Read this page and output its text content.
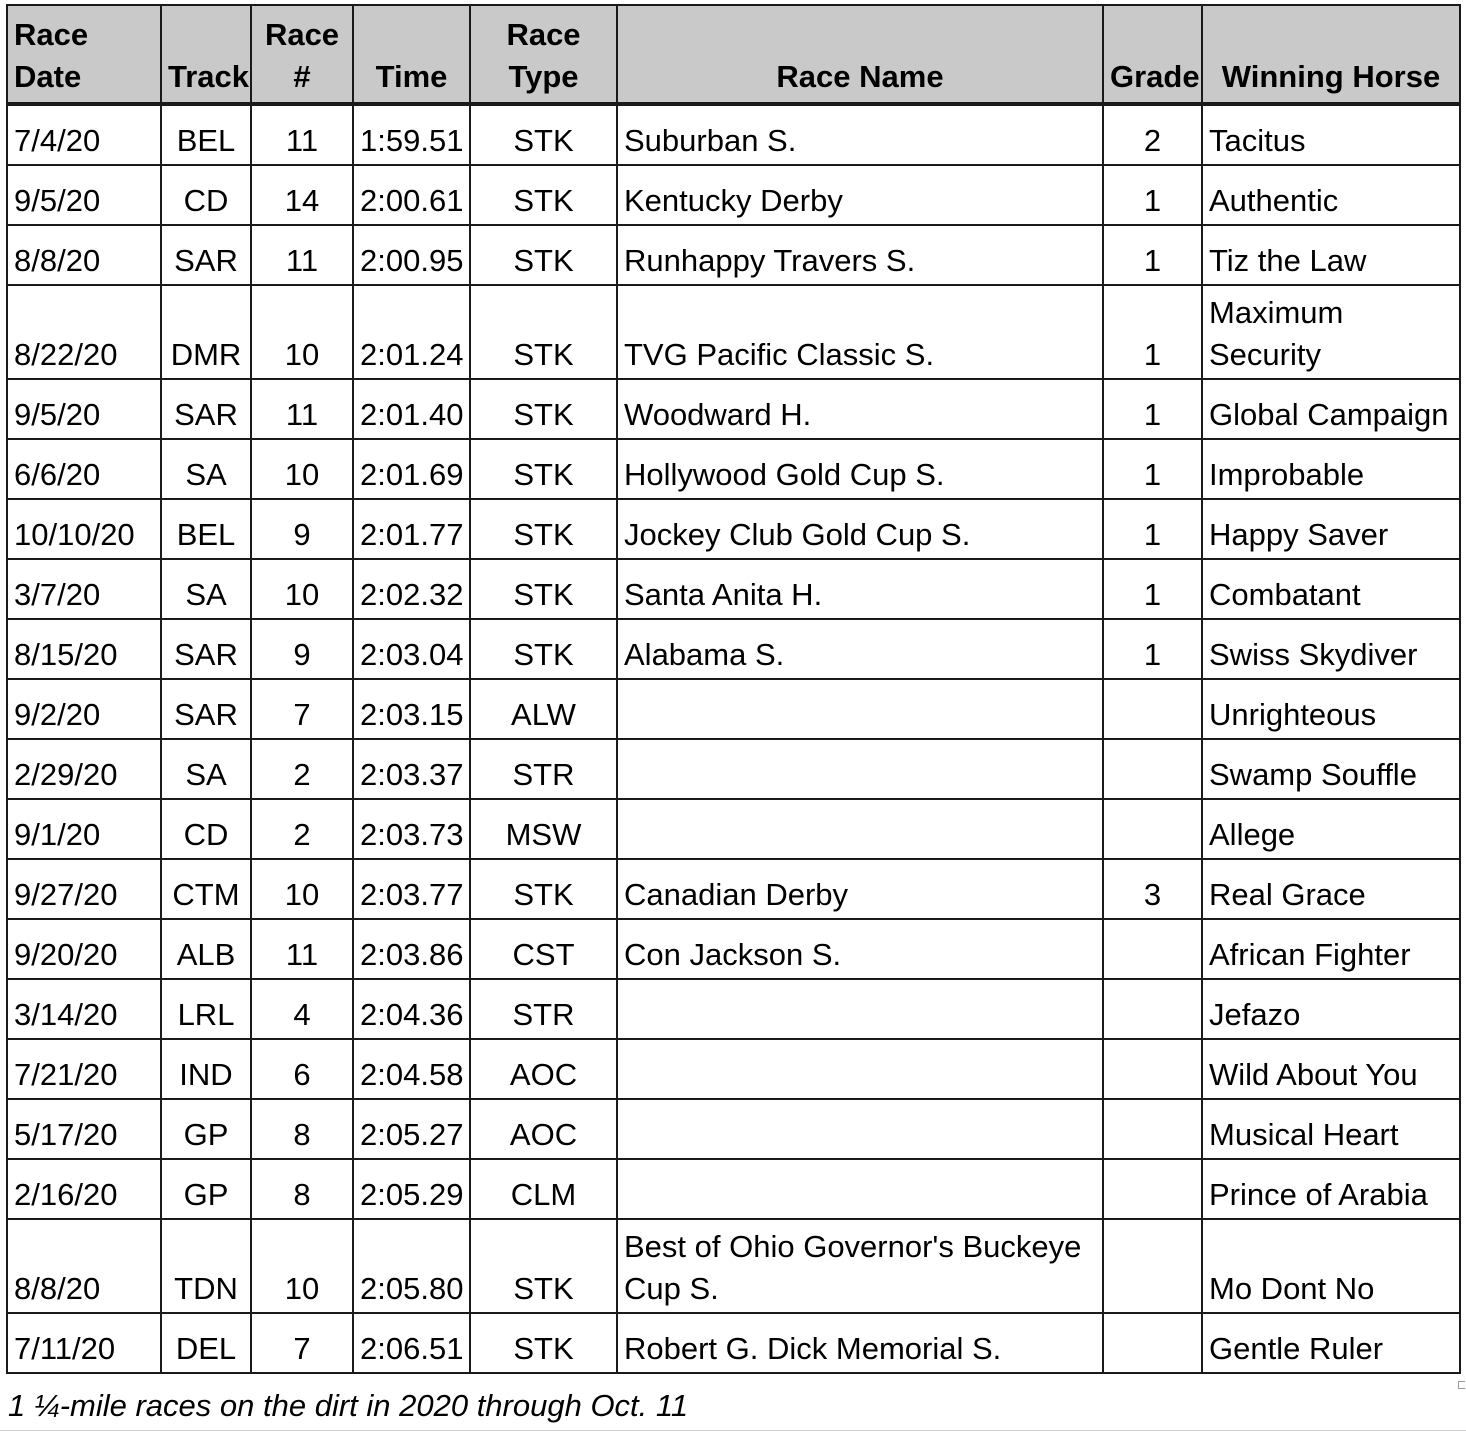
Race Date	Track	Race #	Time	Race Type	Race Name	Grade	Winning Horse
7/4/20	BEL	11	1:59.51	STK	Suburban S.	2	Tacitus
9/5/20	CD	14	2:00.61	STK	Kentucky Derby	1	Authentic
8/8/20	SAR	11	2:00.95	STK	Runhappy Travers S.	1	Tiz the Law
8/22/20	DMR	10	2:01.24	STK	TVG Pacific Classic S.	1	Maximum Security
9/5/20	SAR	11	2:01.40	STK	Woodward H.	1	Global Campaign
6/6/20	SA	10	2:01.69	STK	Hollywood Gold Cup S.	1	Improbable
10/10/20	BEL	9	2:01.77	STK	Jockey Club Gold Cup S.	1	Happy Saver
3/7/20	SA	10	2:02.32	STK	Santa Anita H.	1	Combatant
8/15/20	SAR	9	2:03.04	STK	Alabama S.	1	Swiss Skydiver
9/2/20	SAR	7	2:03.15	ALW			Unrighteous
2/29/20	SA	2	2:03.37	STR			Swamp Souffle
9/1/20	CD	2	2:03.73	MSW			Allege
9/27/20	CTM	10	2:03.77	STK	Canadian Derby	3	Real Grace
9/20/20	ALB	11	2:03.86	CST	Con Jackson S.		African Fighter
3/14/20	LRL	4	2:04.36	STR			Jefazo
7/21/20	IND	6	2:04.58	AOC			Wild About You
5/17/20	GP	8	2:05.27	AOC			Musical Heart
2/16/20	GP	8	2:05.29	CLM			Prince of Arabia
8/8/20	TDN	10	2:05.80	STK	Best of Ohio Governor's Buckeye Cup S.		Mo Dont No
7/11/20	DEL	7	2:06.51	STK	Robert G. Dick Memorial S.		Gentle Ruler
1 ¼-mile races on the dirt in 2020 through Oct. 11
